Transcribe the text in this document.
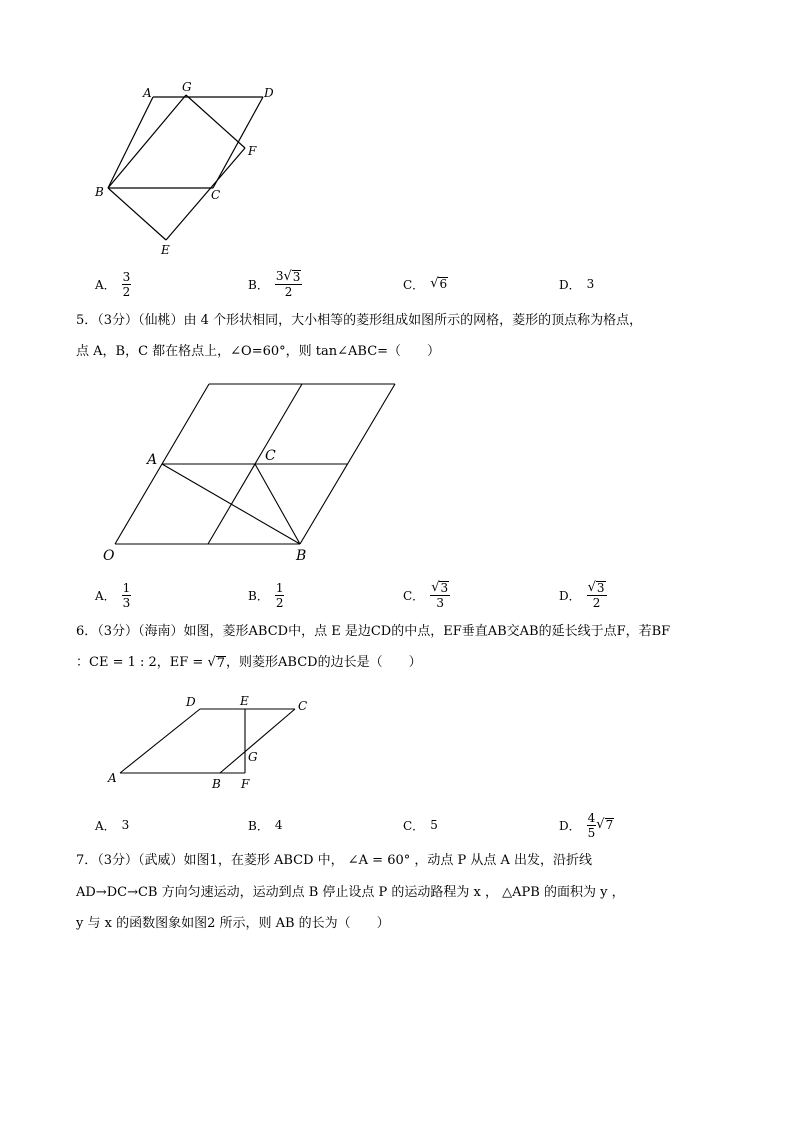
A	G	D
F
B	C
E
A． $\frac{3}{2}$	B． $\frac{3 √ 3}{2}$	C． √ 6	D． 3
5．（3分）（仙桃）由 4 个形状相同，大小相等的菱形组成如图所示的网格，菱形的顶点称为格点，
点 A，B，C 都在格点上，∠O=60°，则 tan∠ABC=（　　）
A	C
O	B
A． $\frac{1}{3}$	B． $\frac{1}{2}$	C． $\frac{√ 3}{3}$	D． $\frac{√ 3}{2}$
6．（3分）（海南）如图，菱形ABCD中，点 E 是边CD的中点，EF垂直AB交AB的延长线于点F，若BF
：CE = 1 : 2，EF = √ 7 ，则菱形ABCD的边长是（　　）
D	E	C
G
A	B F
A． 3	B． 4	C． 5	D． $\frac{4}{5}$ √ 7
7．（3分）（武威）如图1，在菱形 ABCD 中， ∠A = 60° ，动点 P 从点 A 出发，沿折线
AD→DC→CB 方向匀速运动，运动到点 B 停止设点 P 的运动路程为 x ， △APB 的面积为 y ，
y 与 x 的函数图象如图2 所示，则 AB 的长为（　　）
